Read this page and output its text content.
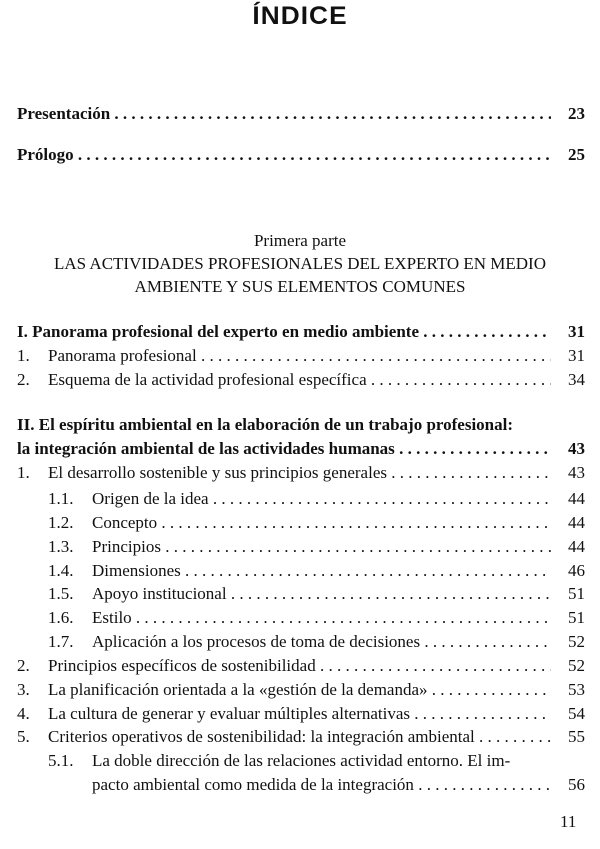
ÍNDICE
Presentación . . .	23
Prólogo . . .	25
Primera parte
LAS ACTIVIDADES PROFESIONALES DEL EXPERTO EN MEDIO
AMBIENTE Y SUS ELEMENTOS COMUNES
I. Panorama profesional del experto en medio ambiente . . .	31
1. Panorama profesional . . .	31
2. Esquema de la actividad profesional específica . . .	34
II. El espíritu ambiental en la elaboración de un trabajo profesional:
la integración ambiental de las actividades humanas . . .	43
1. El desarrollo sostenible y sus principios generales . . .	43
1.1. Origen de la idea . . .	44
1.2. Concepto . . .	44
1.3. Principios . . .	44
1.4. Dimensiones . . .	46
1.5. Apoyo institucional . . .	51
1.6. Estilo . . .	51
1.7. Aplicación a los procesos de toma de decisiones . . .	52
2. Principios específicos de sostenibilidad . . .	52
3. La planificación orientada a la «gestión de la demanda» . . .	53
4. La cultura de generar y evaluar múltiples alternativas . . .	54
5. Criterios operativos de sostenibilidad: la integración ambiental . . .	55
5.1. La doble dirección de las relaciones actividad entorno. El im-
pacto ambiental como medida de la integración . . .	56
11
